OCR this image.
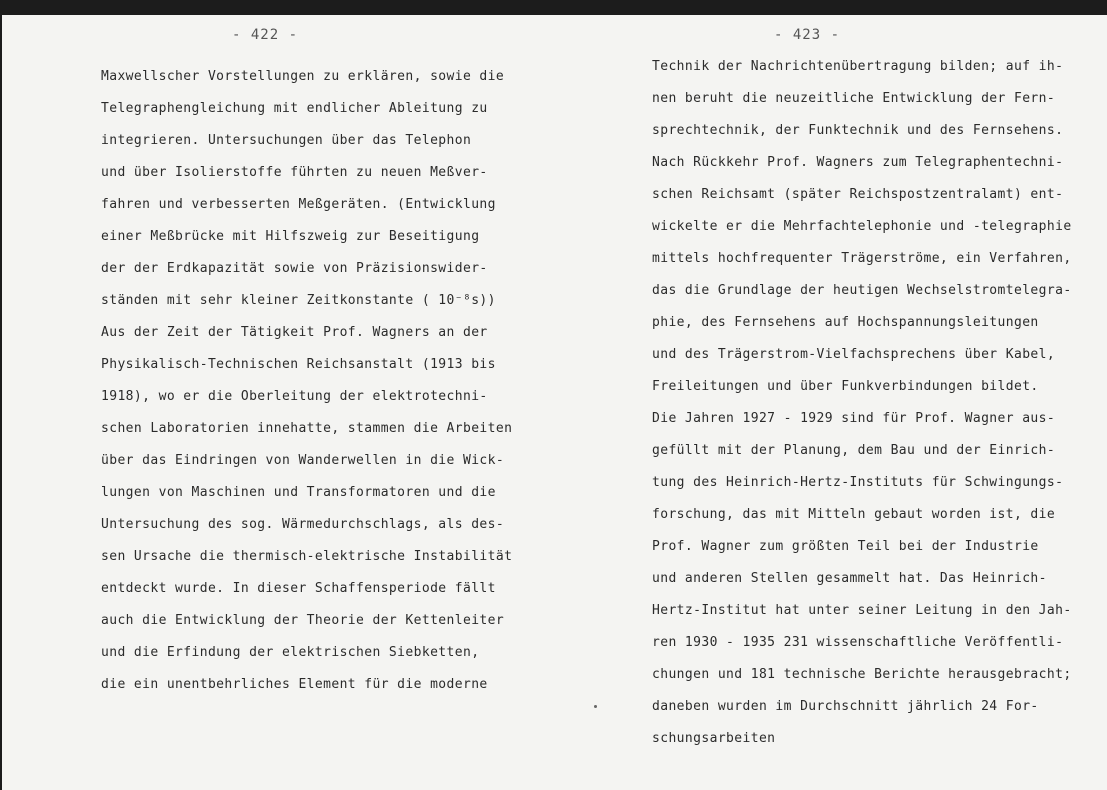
- 422 -	- 423 -
Maxwellscher Vorstellungen zu erklären, sowie die
Telegraphengleichung mit endlicher Ableitung zu
integrieren. Untersuchungen über das Telephon
und über Isolierstoffe führten zu neuen Meßver-
fahren und verbesserten Meßgeräten. (Entwicklung
einer Meßbrücke mit Hilfszweig zur Beseitigung
der der Erdkapazität sowie von Präzisionswider-
ständen mit sehr kleiner Zeitkonstante ( 10⁻⁸s))
Aus der Zeit der Tätigkeit Prof. Wagners an der
Physikalisch-Technischen Reichsanstalt (1913 bis
1918), wo er die Oberleitung der elektrotechni-
schen Laboratorien innehatte, stammen die Arbeiten
über das Eindringen von Wanderwellen in die Wick-
lungen von Maschinen und Transformatoren und die
Untersuchung des sog. Wärmedurchschlags, als des-
sen Ursache die thermisch-elektrische Instabilität
entdeckt wurde. In dieser Schaffensperiode fällt
auch die Entwicklung der Theorie der Kettenleiter
und die Erfindung der elektrischen Siebketten,
die ein unentbehrliches Element für die moderne
Technik der Nachrichtenübertragung bilden; auf ih-
nen beruht die neuzeitliche Entwicklung der Fern-
sprechtechnik, der Funktechnik und des Fernsehens.
Nach Rückkehr Prof. Wagners zum Telegraphentechni-
schen Reichsamt (später Reichspostzentralamt) ent-
wickelte er die Mehrfachtelephonie und -telegraphie
mittels hochfrequenter Trägerströme, ein Verfahren,
das die Grundlage der heutigen Wechselstromtelegra-
phie, des Fernsehens auf Hochspannungsleitungen
und des Trägerstrom-Vielfachsprechens über Kabel,
Freileitungen und über Funkverbindungen bildet.
Die Jahren 1927 - 1929 sind für Prof. Wagner aus-
gefüllt mit der Planung, dem Bau und der Einrich-
tung des Heinrich-Hertz-Instituts für Schwingungs-
forschung, das mit Mitteln gebaut worden ist, die
Prof. Wagner zum größten Teil bei der Industrie
und anderen Stellen gesammelt hat. Das Heinrich-
Hertz-Institut hat unter seiner Leitung in den Jah-
ren 1930 - 1935 231 wissenschaftliche Veröffentli-
chungen und 181 technische Berichte herausgebracht;
daneben wurden im Durchschnitt jährlich 24 For-
schungsarbeiten
